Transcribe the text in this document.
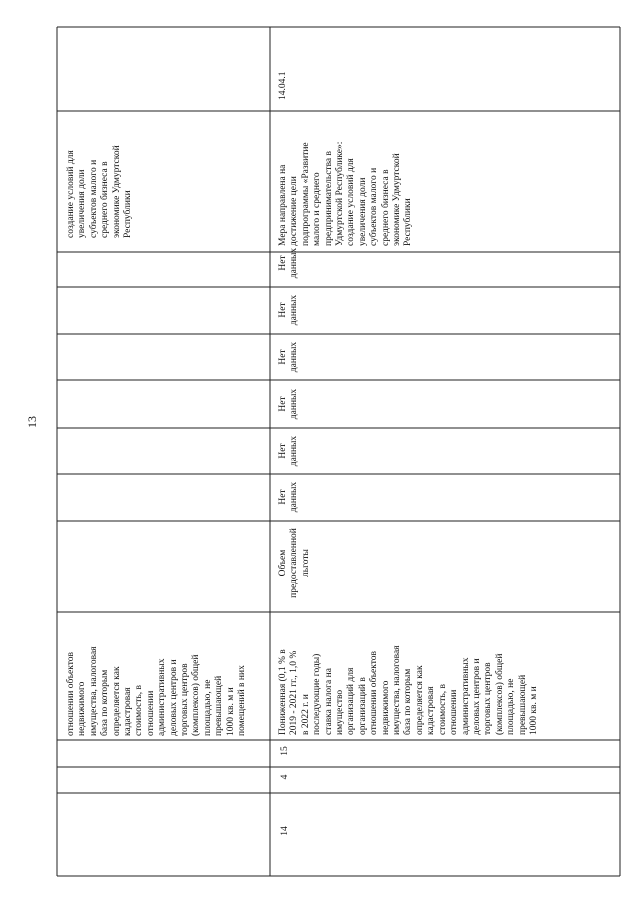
13
отношении объектов
недвижимого
имущества, налоговая
база по которым
определяется как
кадастровая
стоимость, в
отношении
административных
деловых центров и
торговых центров
(комплексов) общей
площадью, не
превышающей
1000 кв. м и
помещений в них
создание условий для
увеличения доли
субъектов малого и
среднего бизнеса в
экономике Удмуртской
Республики
14
4
15
Пониженная (0,1 % в
2019 - 2021 гг., 1,0 %
в 2022 г. и
последующие годы)
ставка налога на
имущество
организаций для
организаций в
отношении объектов
недвижимого
имущества, налоговая
база по которым
определяется как
кадастровая
стоимость, в
отношении
административных
деловых центров и
торговых центров
(комплексов) общей
площадью, не
превышающей
1000 кв. м и
Объем
предоставленной
льготы
Нет
данных
Нет
данных
Нет
данных
Нет
данных
Нет
данных
Нет
данных
Мера направлена на
достижение цели
подпрограммы «Развитие
малого и среднего
предпринимательства в
Удмуртской Республике»:
создание условий для
увеличения доли
субъектов малого и
среднего бизнеса в
экономике Удмуртской
Республики
14.04.1
